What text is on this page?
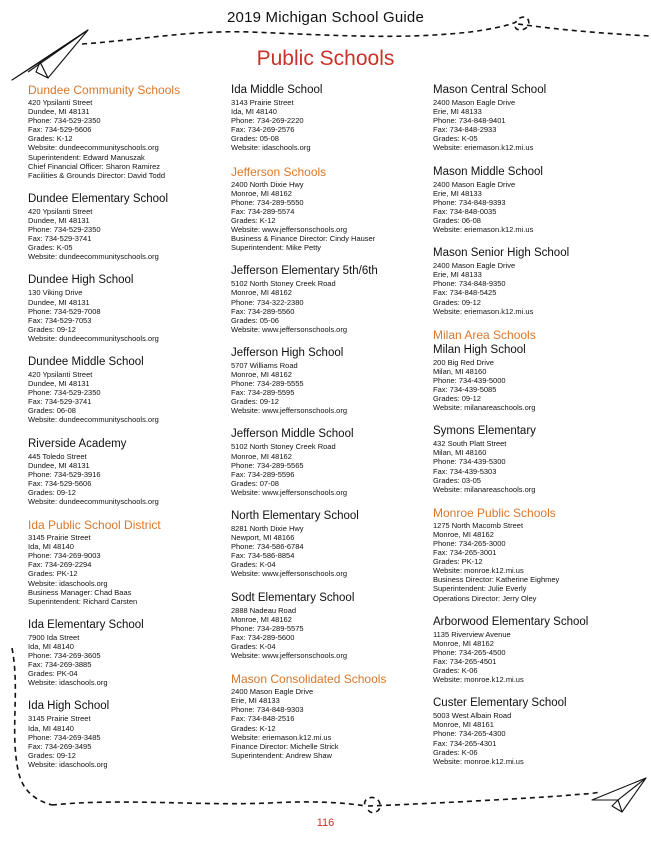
2019 Michigan School Guide
Public Schools
Dundee Community Schools
420 Ypsilanti Street
Dundee, MI 48131
Phone: 734-529-2350
Fax: 734-529-5606
Grades: K-12
Website: dundeecommunityschools.org
Superintendent: Edward Manuszak
Chief Financial Officer: Sharon Ramirez
Facilities & Grounds Director: David Todd
Dundee Elementary School
420 Ypsilanti Street
Dundee, MI 48131
Phone: 734-529-2350
Fax: 734-529-3741
Grades: K-05
Website: dundeecommunityschools.org
Dundee High School
130 Viking Drive
Dundee, MI 48131
Phone: 734-529-7008
Fax: 734-529-7053
Grades: 09-12
Website: dundeecommunityschools.org
Dundee Middle School
420 Ypsilanti Street
Dundee, MI 48131
Phone: 734-529-2350
Fax: 734-529-3741
Grades: 06-08
Website: dundeecommunityschools.org
Riverside Academy
445 Toledo Street
Dundee, MI 48131
Phone: 734-529-3916
Fax: 734-529-5606
Grades: 09-12
Website: dundeecommunityschools.org
Ida Public School District
3145 Prairie Street
Ida, MI 48140
Phone: 734-269-9003
Fax: 734-269-2294
Grades: PK-12
Website: idaschools.org
Business Manager: Chad Baas
Superintendent: Richard Carsten
Ida Elementary School
7900 Ida Street
Ida, MI 48140
Phone: 734-269-3605
Fax: 734-269-3885
Grades: PK-04
Website: idaschools.org
Ida High School
3145 Prairie Street
Ida, MI 48140
Phone: 734-269-3485
Fax: 734-269-3495
Grades: 09-12
Website: idaschools.org
Ida Middle School
3143 Prairie Street
Ida, MI 48140
Phone: 734-269-2220
Fax: 734-269-2576
Grades: 05-08
Website: idaschools.org
Jefferson Schools
2400 North Dixie Hwy
Monroe, MI 48162
Phone: 734-289-5550
Fax: 734-289-5574
Grades: K-12
Website: www.jeffersonschools.org
Business & Finance Director: Cindy Hauser
Superintendent: Mike Petty
Jefferson Elementary 5th/6th
5102 North Stoney Creek Road
Monroe, MI 48162
Phone: 734-322-2380
Fax: 734-289-5560
Grades: 05-06
Website: www.jeffersonschools.org
Jefferson High School
5707 Williams Road
Monroe, MI 48162
Phone: 734-289-5555
Fax: 734-289-5595
Grades: 09-12
Website: www.jeffersonschools.org
Jefferson Middle School
5102 North Stoney Creek Road
Monroe, MI 48162
Phone: 734-289-5565
Fax: 734-289-5596
Grades: 07-08
Website: www.jeffersonschools.org
North Elementary School
8281 North Dixie Hwy
Newport, MI 48166
Phone: 734-586-6784
Fax: 734-586-8854
Grades: K-04
Website: www.jeffersonschools.org
Sodt Elementary School
2888 Nadeau Road
Monroe, MI 48162
Phone: 734-289-5575
Fax: 734-289-5600
Grades: K-04
Website: www.jeffersonschools.org
Mason Consolidated Schools
2400 Mason Eagle Drive
Erie, MI 48133
Phone: 734-848-9303
Fax: 734-848-2516
Grades: K-12
Website: eriemason.k12.mi.us
Finance Director: Michelle Strick
Superintendent: Andrew Shaw
Mason Central School
2400 Mason Eagle Drive
Erie, MI 48133
Phone: 734-848-9401
Fax: 734-848-2933
Grades: K-05
Website: eriemason.k12.mi.us
Mason Middle School
2400 Mason Eagle Drive
Erie, MI 48133
Phone: 734-848-9393
Fax: 734-848-0035
Grades: 06-08
Website: eriemason.k12.mi.us
Mason Senior High School
2400 Mason Eagle Drive
Erie, MI 48133
Phone: 734-848-9350
Fax: 734-848-5425
Grades: 09-12
Website: eriemason.k12.mi.us
Milan Area Schools
Milan High School
200 Big Red Drive
Milan, MI 48160
Phone: 734-439-5000
Fax: 734-439-5085
Grades: 09-12
Website: milanareaschools.org
Symons Elementary
432 South Platt Street
Milan, MI 48160
Phone: 734-439-5300
Fax: 734-439-5303
Grades: 03-05
Website: milanareaschools.org
Monroe Public Schools
1275 North Macomb Street
Monroe, MI 48162
Phone: 734-265-3000
Fax: 734-265-3001
Grades: PK-12
Website: monroe.k12.mi.us
Business Director: Katherine Eighmey
Superintendent: Julie Everly
Operations Director: Jerry Oley
Arborwood Elementary School
1135 Riverview Avenue
Monroe, MI 48162
Phone: 734-265-4500
Fax: 734-265-4501
Grades: K-06
Website: monroe.k12.mi.us
Custer Elementary School
5003 West Albain Road
Monroe, MI 48161
Phone: 734-265-4300
Fax: 734-265-4301
Grades: K-06
Website: monroe.k12.mi.us
116
